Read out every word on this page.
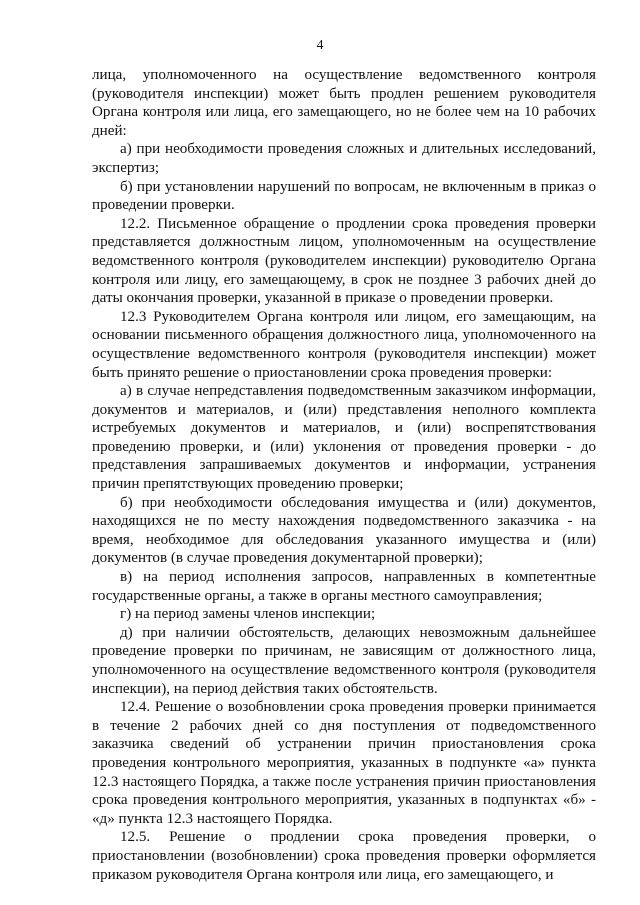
4

лица, уполномоченного на осуществление ведомственного контроля (руководителя инспекции) может быть продлен решением руководителя Органа контроля или лица, его замещающего, но не более чем на 10 рабочих дней:

а) при необходимости проведения сложных и длительных исследований, экспертиз;

б) при установлении нарушений по вопросам, не включенным в приказ о проведении проверки.

12.2. Письменное обращение о продлении срока проведения проверки представляется должностным лицом, уполномоченным на осуществление ведомственного контроля (руководителем инспекции) руководителю Органа контроля или лицу, его замещающему, в срок не позднее 3 рабочих дней до даты окончания проверки, указанной в приказе о проведении проверки.

12.3 Руководителем Органа контроля или лицом, его замещающим, на основании письменного обращения должностного лица, уполномоченного на осуществление ведомственного контроля (руководителя инспекции) может быть принято решение о приостановлении срока проведения проверки:

а) в случае непредставления подведомственным заказчиком информации, документов и материалов, и (или) представления неполного комплекта истребуемых документов и материалов, и (или) воспрепятствования проведению проверки, и (или) уклонения от проведения проверки - до представления запрашиваемых документов и информации, устранения причин препятствующих проведению проверки;

б) при необходимости обследования имущества и (или) документов, находящихся не по месту нахождения подведомственного заказчика - на время, необходимое для обследования указанного имущества и (или) документов (в случае проведения документарной проверки);

в) на период исполнения запросов, направленных в компетентные государственные органы, а также в органы местного самоуправления;

г) на период замены членов инспекции;

д) при наличии обстоятельств, делающих невозможным дальнейшее проведение проверки по причинам, не зависящим от должностного лица, уполномоченного на осуществление ведомственного контроля (руководителя инспекции), на период действия таких обстоятельств.

12.4. Решение о возобновлении срока проведения проверки принимается в течение 2 рабочих дней со дня поступления от подведомственного заказчика сведений об устранении причин приостановления срока проведения контрольного мероприятия, указанных в подпункте «а» пункта 12.3 настоящего Порядка, а также после устранения причин приостановления срока проведения контрольного мероприятия, указанных в подпунктах «б» - «д» пункта 12.3 настоящего Порядка.

12.5. Решение о продлении срока проведения проверки, о приостановлении (возобновлении) срока проведения проверки оформляется приказом руководителя Органа контроля или лица, его замещающего, и
